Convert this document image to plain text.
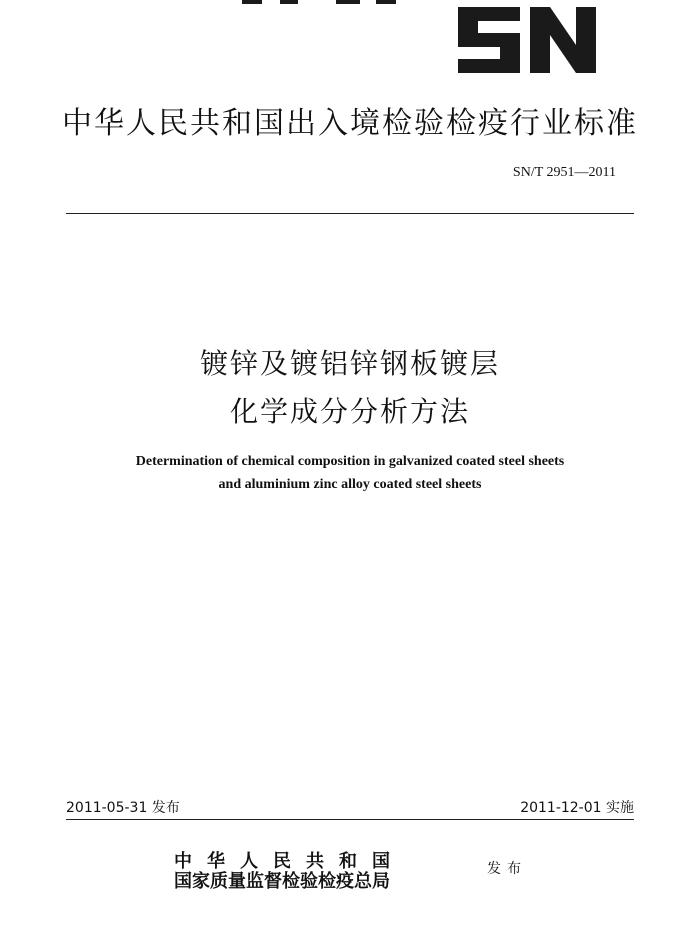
中华人民共和国出入境检验检疫行业标准
SN/T 2951—2011
镀锌及镀铝锌钢板镀层
化学成分分析方法
Determination of chemical composition in galvanized coated steel sheets
and aluminium zinc alloy coated steel sheets
2011-05-31 发布	2011-12-01 实施
中华人民共和国
国家质量监督检验检疫总局
发布
